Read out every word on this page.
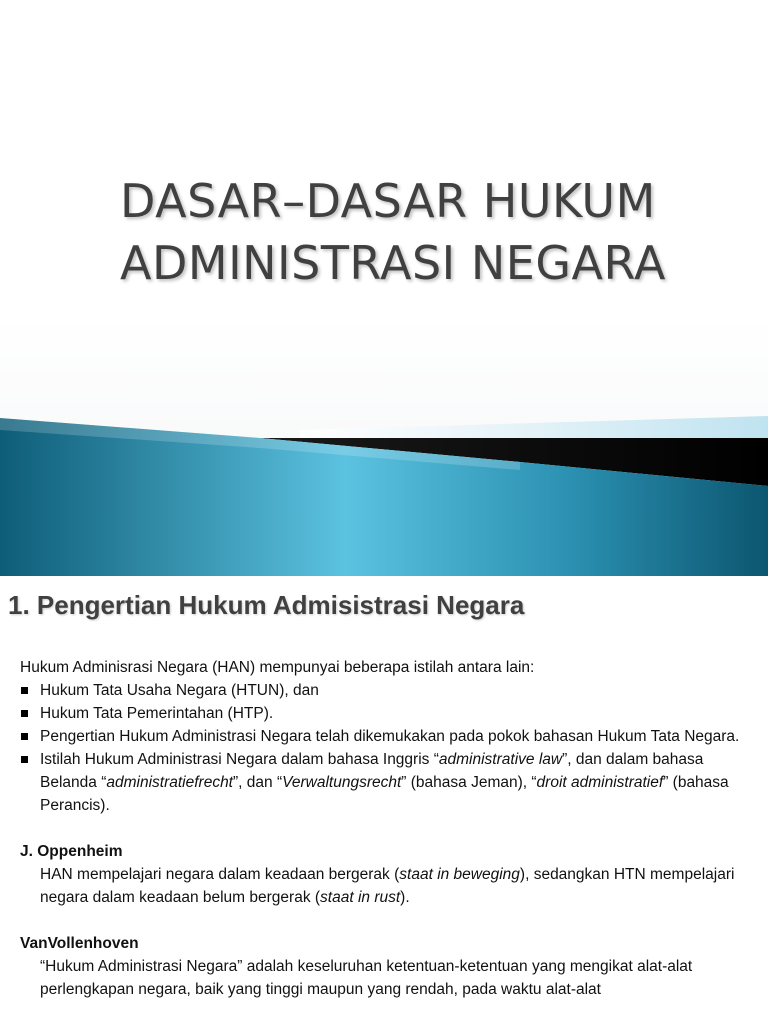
DASAR–DASAR HUKUM
ADMINISTRASI NEGARA
1. Pengertian Hukum Admisistrasi Negara

Hukum Adminisrasi Negara (HAN) mempunyai beberapa istilah antara lain:

Hukum Tata Usaha Negara (HTUN), dan
Hukum Tata Pemerintahan (HTP).
Pengertian Hukum Administrasi Negara telah dikemukakan pada pokok bahasan Hukum Tata Negara.
Istilah Hukum Administrasi Negara dalam bahasa Inggris “administrative law”, dan dalam bahasa Belanda “administratiefrecht”, dan “Verwaltungsrecht” (bahasa Jeman), “droit administratief” (bahasa Perancis).

J. Oppenheim

HAN mempelajari negara dalam keadaan bergerak (staat in beweging), sedangkan HTN mempelajari negara dalam keadaan belum bergerak (staat in rust).

VanVollenhoven

“Hukum Administrasi Negara” adalah keseluruhan ketentuan-ketentuan yang mengikat alat-alat perlengkapan negara, baik yang tinggi maupun yang rendah, pada waktu alat-alat
